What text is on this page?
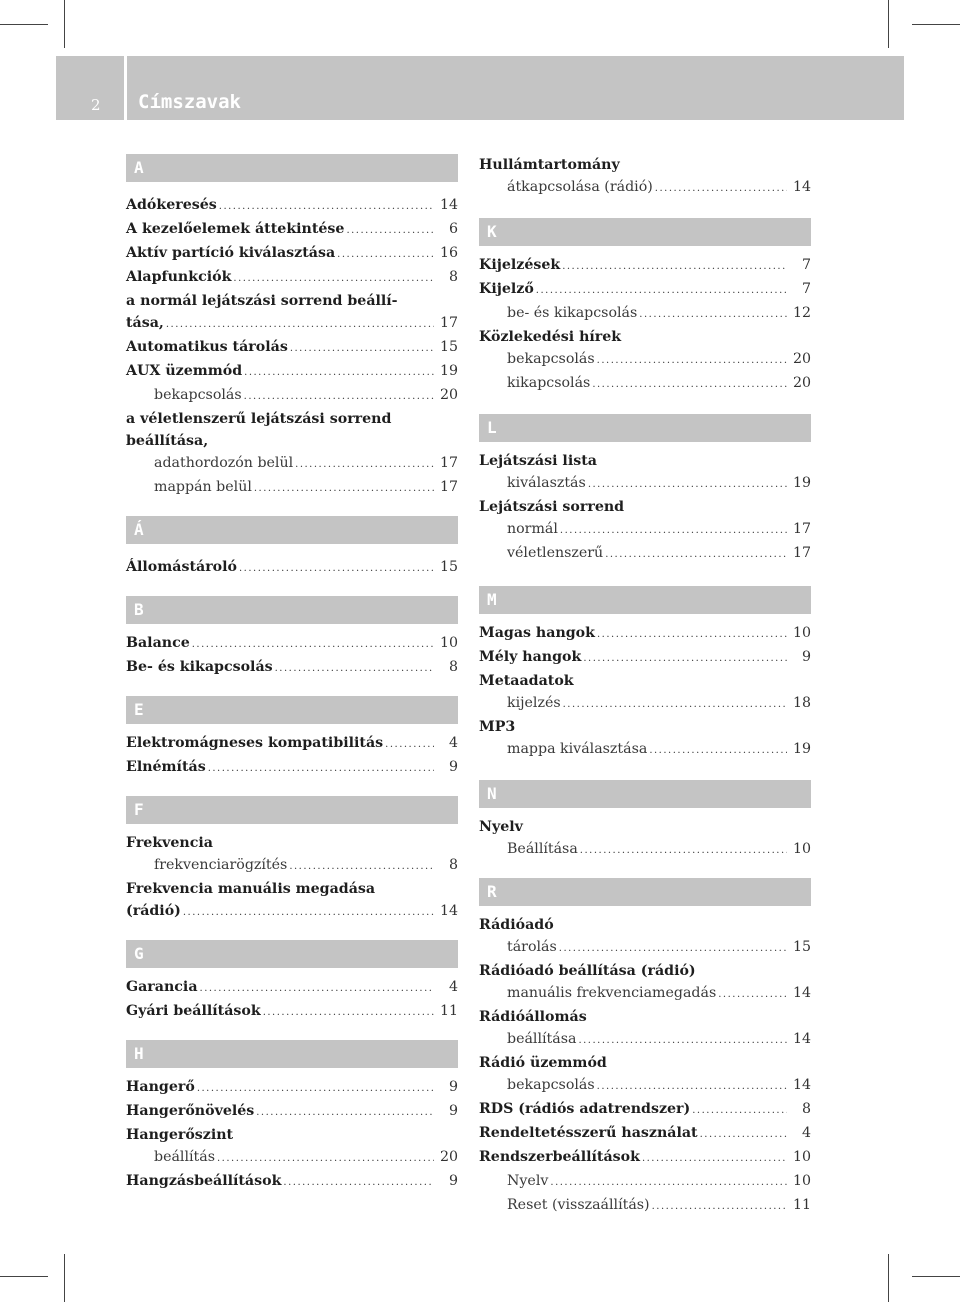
2 Címszavak
A
Adókeresés .....	14
A kezelőelemek áttekintése .....	6
Aktív partíció kiválasztása .....	16
Alapfunkciók .....	8
a normál lejátszási sorrend beállí-
tása, .....	17
Automatikus tárolás .....	15
AUX üzemmód .....	19
bekapcsolás .....	20
a véletlenszerű lejátszási sorrend
beállítása,
adathordozón belül .....	17
mappán belül .....	17
Á
Állomástároló .....	15
B
Balance .....	10
Be- és kikapcsolás .....	8
E
Elektromágneses kompatibilitás .....	4
Elnémítás .....	9
F
Frekvencia
frekvenciarögzítés .....	8
Frekvencia manuális megadása
(rádió) .....	14
G
Garancia .....	4
Gyári beállítások .....	11
H
Hangerő .....	9
Hangerőnövelés .....	9
Hangerőszint
beállítás .....	20
Hangzásbeállítások .....	9
Hullámtartomány
átkapcsolása (rádió) .....	14
K
Kijelzések .....	7
Kijelző .....	7
be- és kikapcsolás .....	12
Közlekedési hírek
bekapcsolás .....	20
kikapcsolás .....	20
L
Lejátszási lista
kiválasztás .....	19
Lejátszási sorrend
normál .....	17
véletlenszerű .....	17
M
Magas hangok .....	10
Mély hangok .....	9
Metaadatok
kijelzés .....	18
MP3
mappa kiválasztása .....	19
N
Nyelv
Beállítása .....	10
R
Rádióadó
tárolás .....	15
Rádióadó beállítása (rádió)
manuális frekvenciamegadás .....	14
Rádióállomás
beállítása .....	14
Rádió üzemmód
bekapcsolás .....	14
RDS (rádiós adatrendszer) .....	8
Rendeltetésszerű használat .....	4
Rendszerbeállítások .....	10
Nyelv .....	10
Reset (visszaállítás) .....	11
